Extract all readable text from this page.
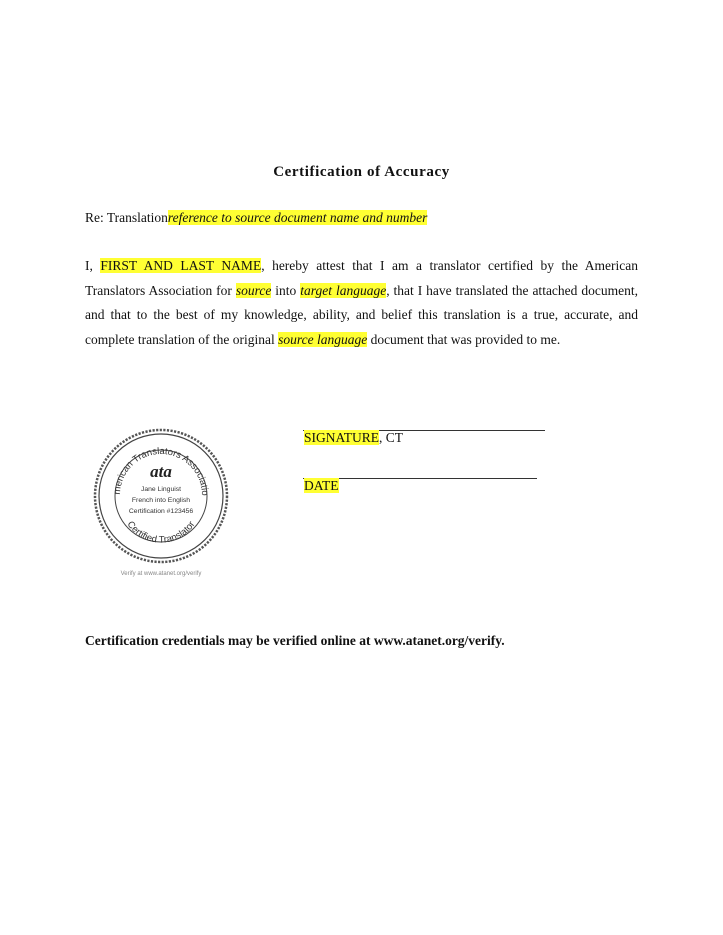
Certification of Accuracy
Re: Translationreference to source document name and number
I, FIRST AND LAST NAME, hereby attest that I am a translator certified by the American Translators Association for source into target language, that I have translated the attached document, and that to the best of my knowledge, ability, and belief this translation is a true, accurate, and complete translation of the original source language document that was provided to me.
SIGNATURE, CT
DATE
merican Translators Associatio
Certified Translator
ata
Jane Linguist
French into English
Certification #123456
Verify at www.atanet.org/verify
Certification credentials may be verified online at www.atanet.org/verify.
